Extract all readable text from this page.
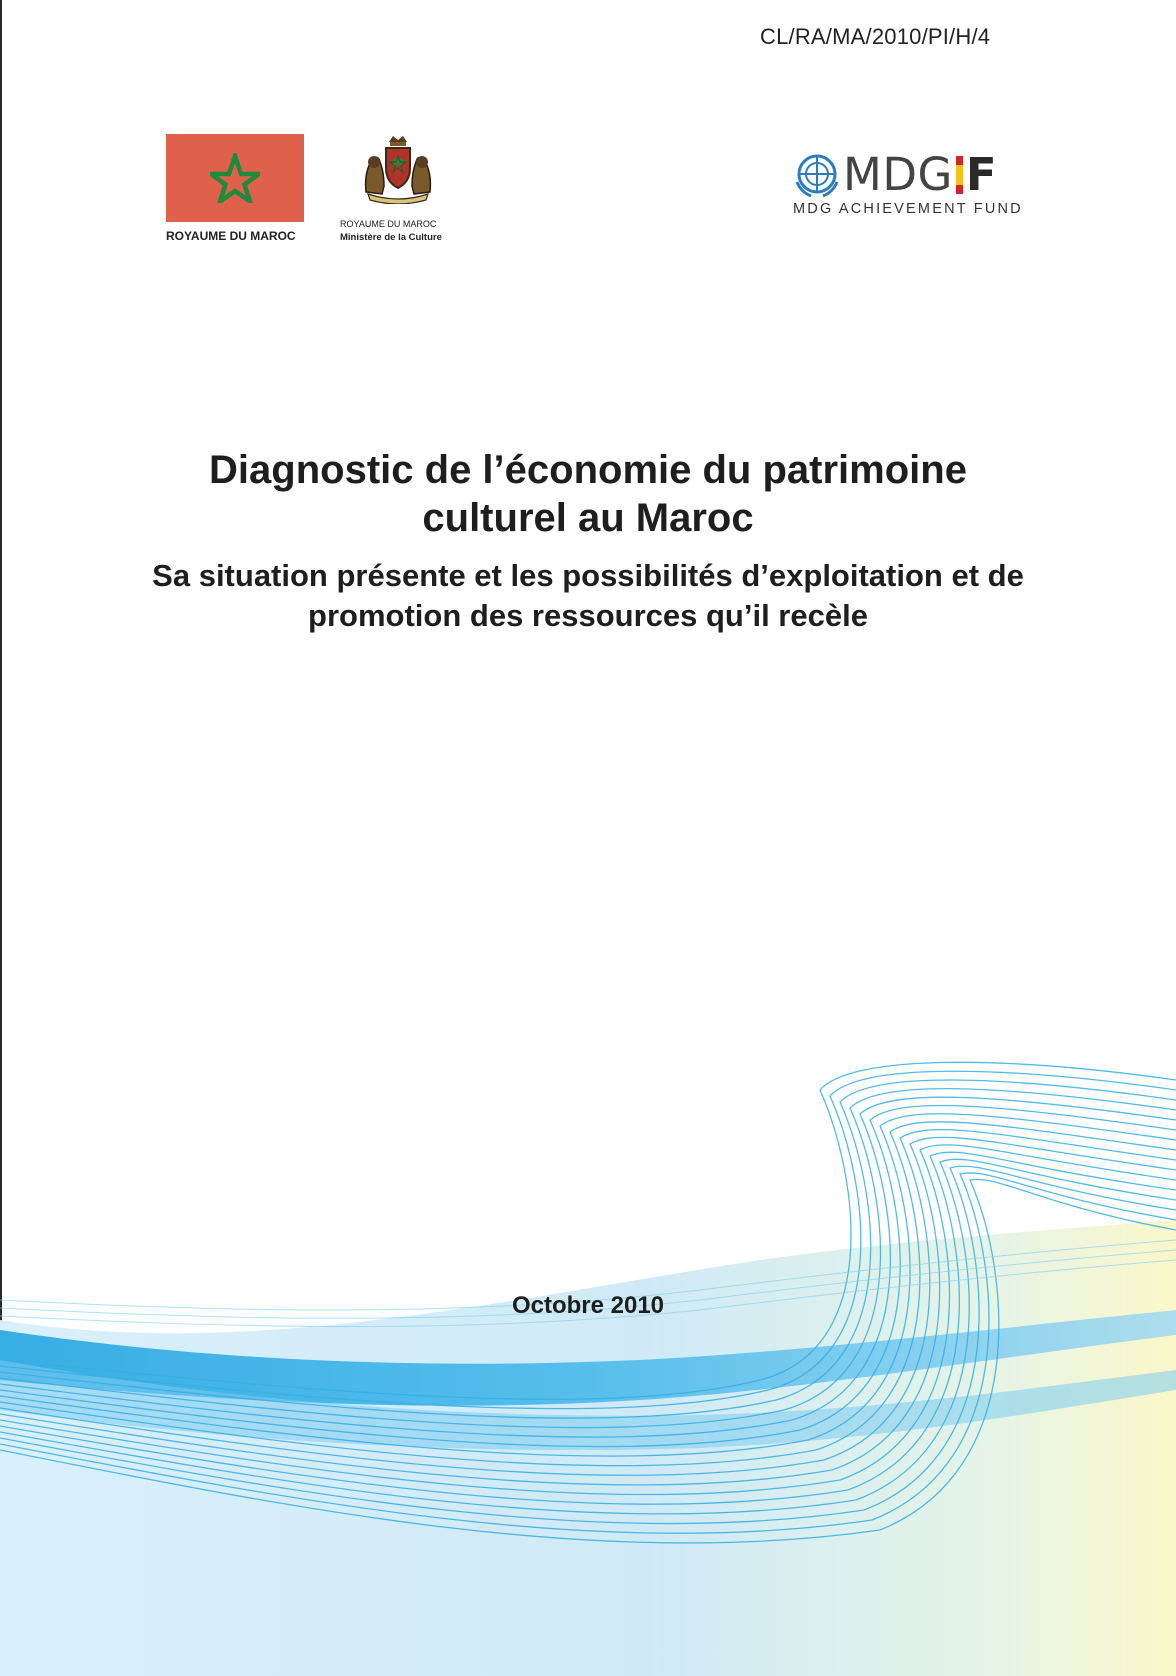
CL/RA/MA/2010/PI/H/4
ROYAUME DU MAROC
ROYAUME DU MAROC
Ministère de la Culture
MDG F
MDG ACHIEVEMENT FUND
Diagnostic de l’économie du patrimoine culturel au Maroc
Sa situation présente et les possibilités d’exploitation et de promotion des ressources qu’il recèle
Octobre 2010
